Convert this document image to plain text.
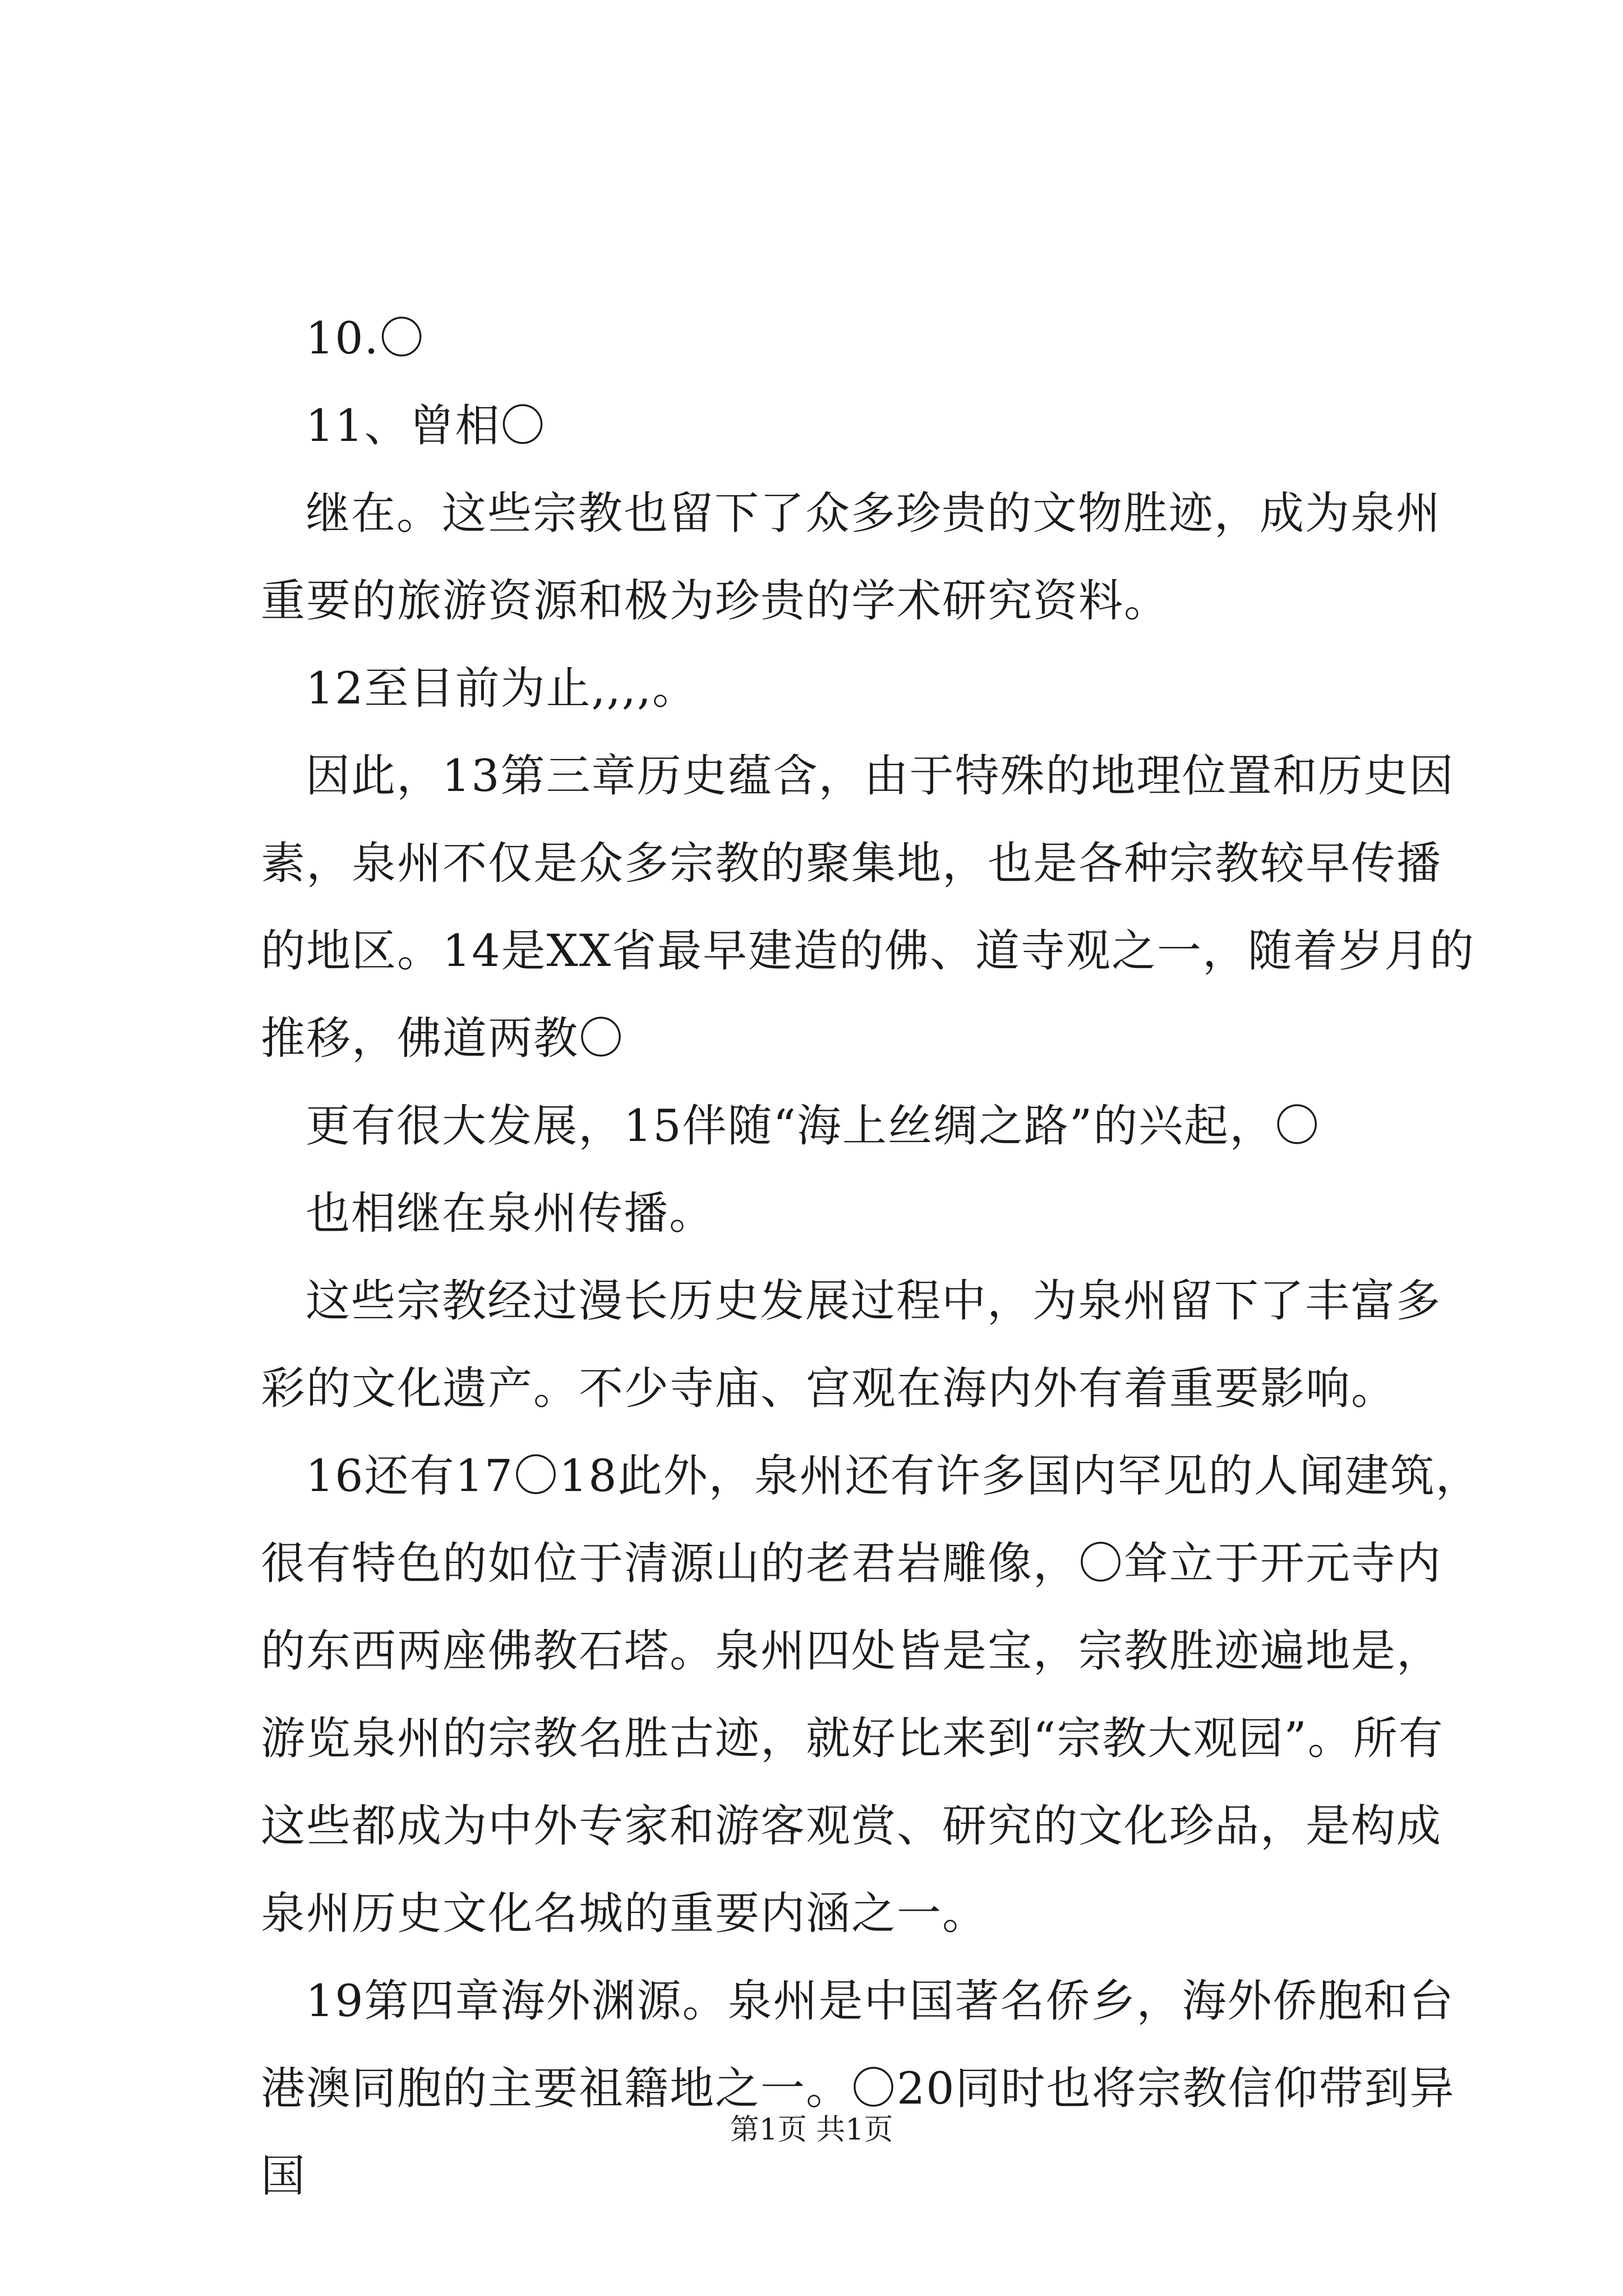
10.〇

11、曾相〇

继在。这些宗教也留下了众多珍贵的文物胜迹，成为泉州重要的旅游资源和极为珍贵的学术研究资料。

12至目前为止,,,,。

因此，13第三章历史蕴含，由于特殊的地理位置和历史因素，泉州不仅是众多宗教的聚集地，也是各种宗教较早传播的地区。14是XX省最早建造的佛、道寺观之一，随着岁月的推移，佛道两教〇

更有很大发展，15伴随“海上丝绸之路”的兴起，〇

也相继在泉州传播。

这些宗教经过漫长历史发展过程中，为泉州留下了丰富多彩的文化遗产。不少寺庙、宫观在海内外有着重要影响。

16还有17〇18此外，泉州还有许多国内罕见的人闻建筑，很有特色的如位于清源山的老君岩雕像，〇耸立于开元寺内的东西两座佛教石塔。泉州四处皆是宝，宗教胜迹遍地是，游览泉州的宗教名胜古迹，就好比来到“宗教大观园”。所有这些都成为中外专家和游客观赏、研究的文化珍品，是构成泉州历史文化名城的重要内涵之一。

19第四章海外渊源。泉州是中国著名侨乡，海外侨胞和台港澳同胞的主要祖籍地之一。〇20同时也将宗教信仰带到异国

第1页 共1页
